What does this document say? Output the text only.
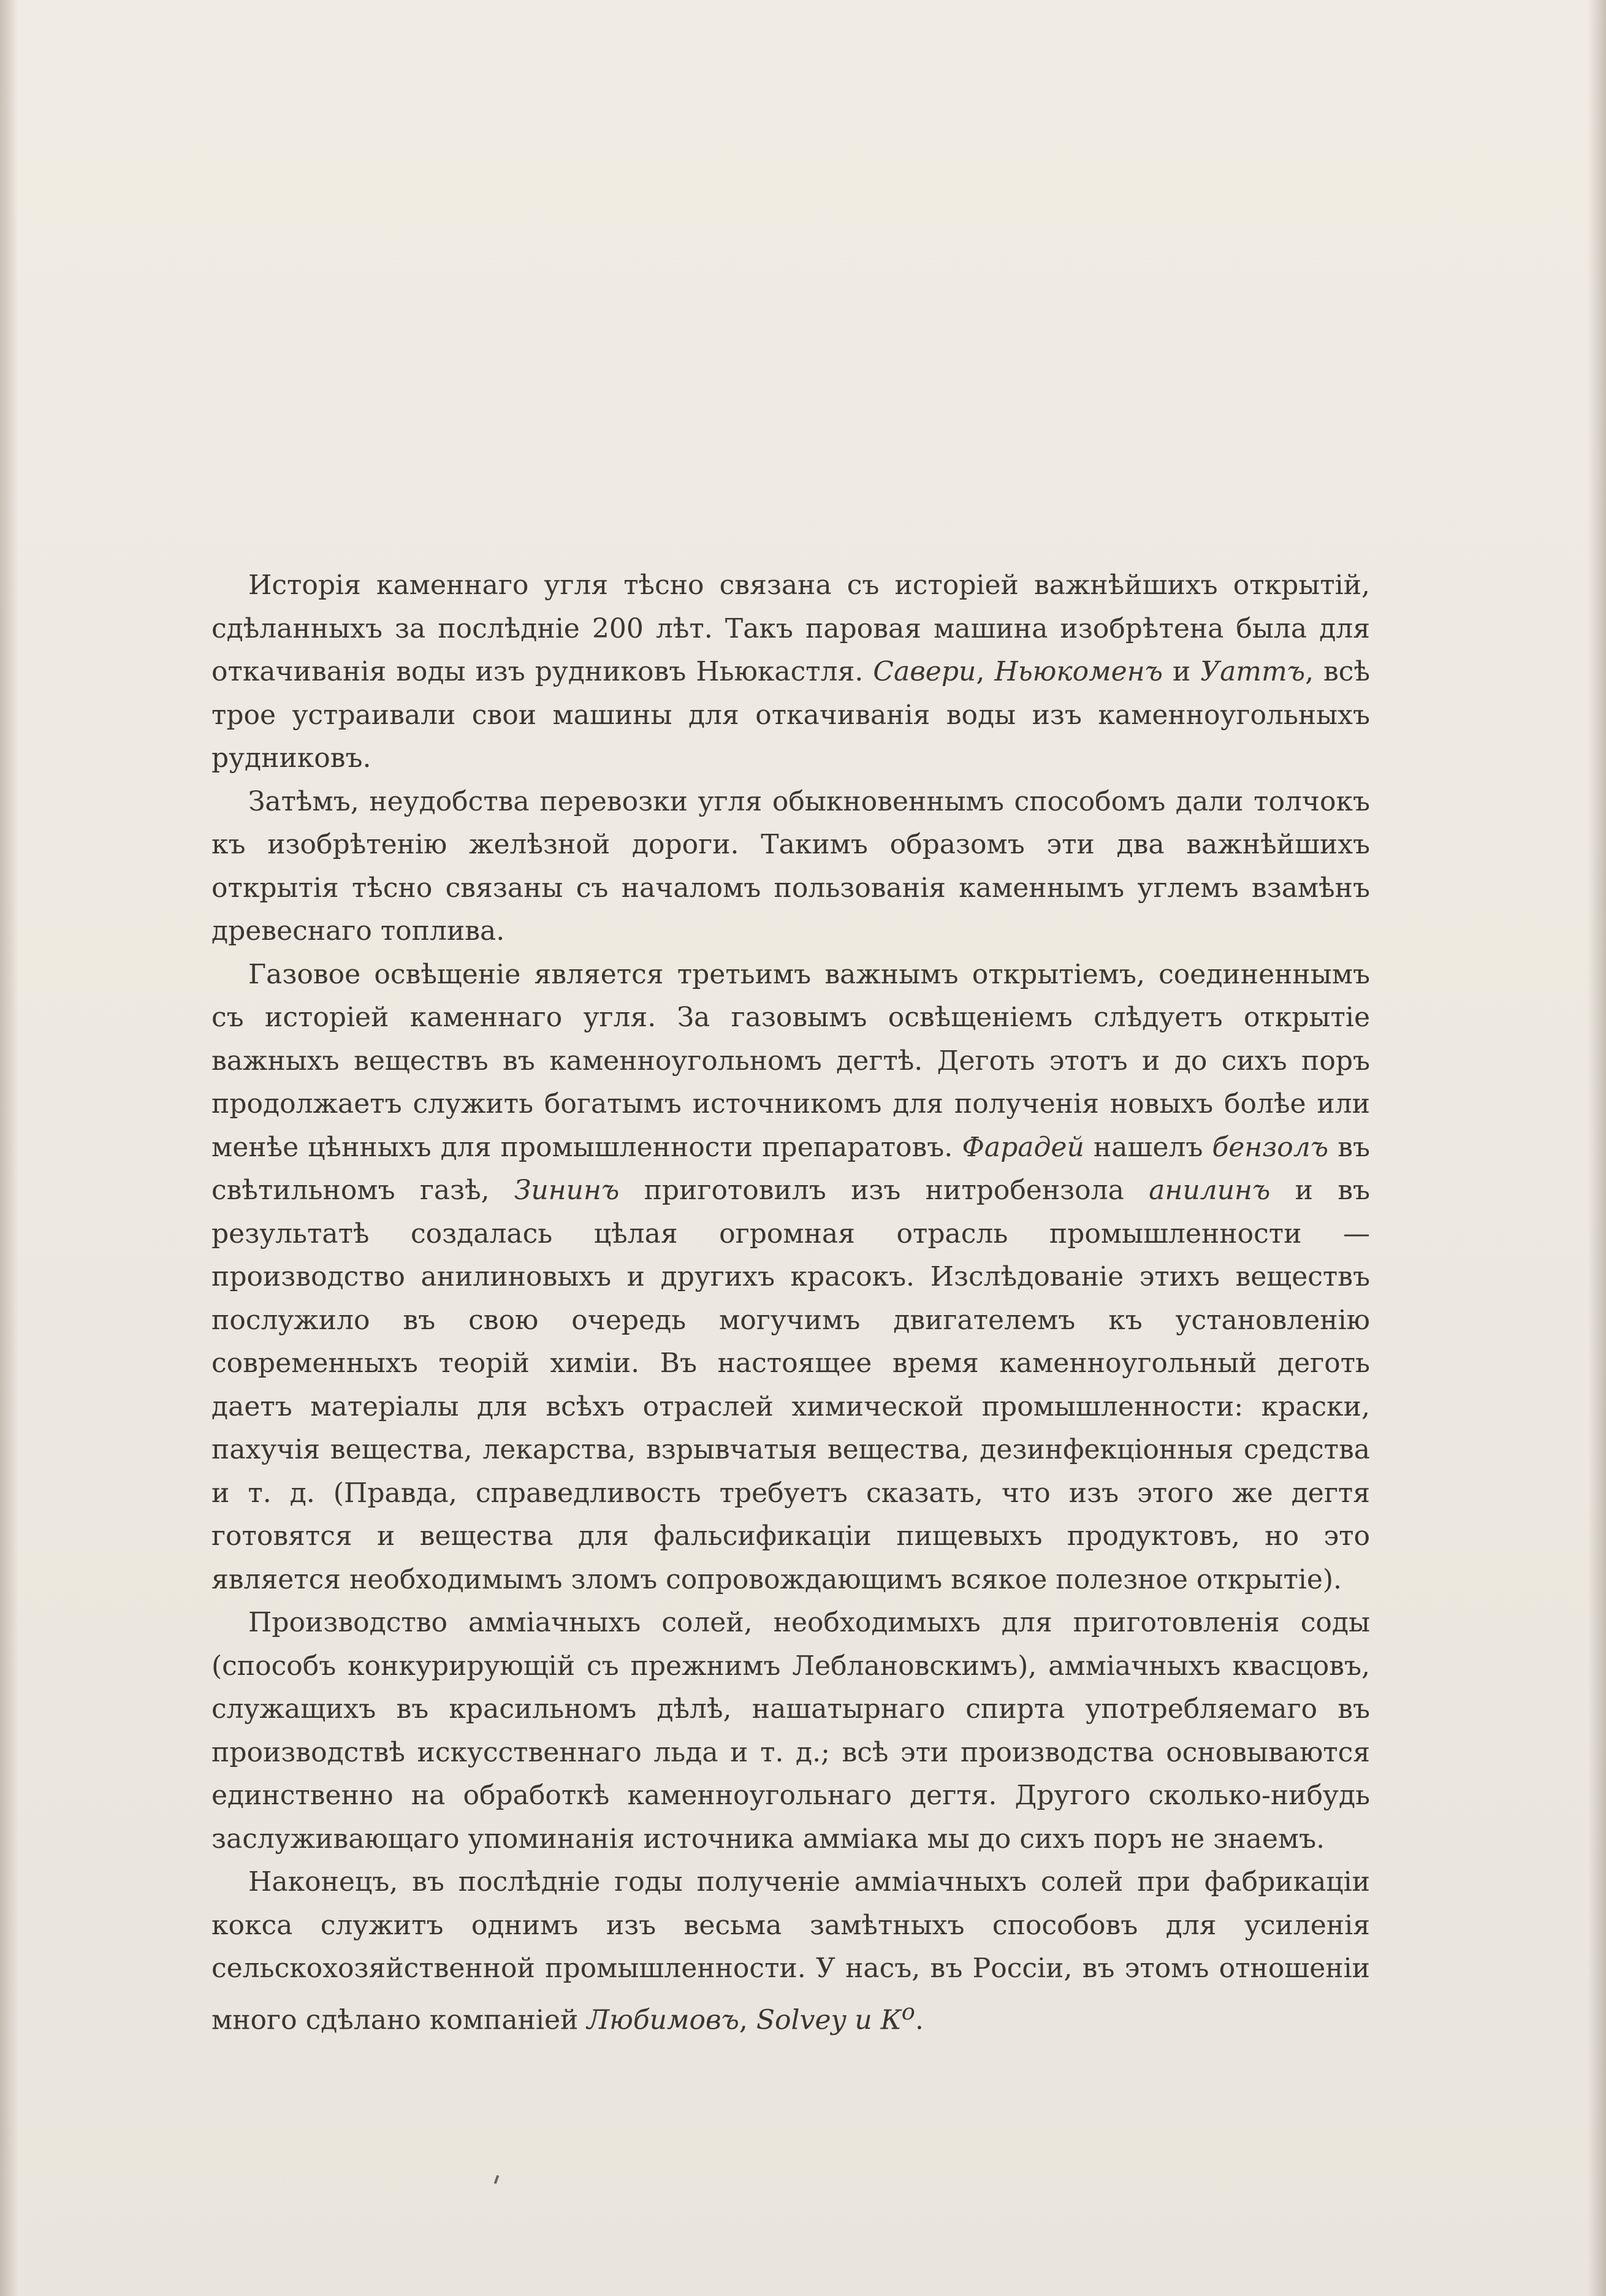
Исторія каменнаго угля тѣсно связана съ исторіей важнѣйшихъ открытій, сдѣланныхъ за послѣдніе 200 лѣт. Такъ паровая машина изобрѣтена была для откачиванія воды изъ рудниковъ Ньюкастля. Савери, Ньюкоменъ и Уаттъ, всѣ трое устраивали свои машины для откачиванія воды изъ каменноугольныхъ рудниковъ.

Затѣмъ, неудобства перевозки угля обыкновеннымъ способомъ дали толчокъ къ изобрѣтенію желѣзной дороги. Такимъ образомъ эти два важнѣйшихъ открытія тѣсно связаны съ началомъ пользованія каменнымъ углемъ взамѣнъ древеснаго топлива.

Газовое освѣщеніе является третьимъ важнымъ открытіемъ, соединеннымъ съ исторіей каменнаго угля. За газовымъ освѣщеніемъ слѣдуетъ открытіе важныхъ веществъ въ каменноугольномъ дегтѣ. Деготь этотъ и до сихъ поръ продолжаетъ служить богатымъ источникомъ для полученія новыхъ болѣе или менѣе цѣнныхъ для промышленности препаратовъ. Фарадей нашелъ бензолъ въ свѣтильномъ газѣ, Зининъ приготовилъ изъ нитробензола анилинъ и въ результатѣ создалась цѣлая огромная отрасль промышленности — производство анилиновыхъ и другихъ красокъ. Изслѣдованіе этихъ веществъ послужило въ свою очередь могучимъ двигателемъ къ установленію современныхъ теорій химіи. Въ настоящее время каменноугольный деготь даетъ матеріалы для всѣхъ отраслей химической промышленности: краски, пахучія вещества, лекарства, взрывчатыя вещества, дезинфекціонныя средства и т. д. (Правда, справедливость требуетъ сказать, что изъ этого же дегтя готовятся и вещества для фальсификаціи пищевыхъ продуктовъ, но это является необходимымъ зломъ сопровождающимъ всякое полезное открытіе).

Производство амміачныхъ солей, необходимыхъ для приготовленія соды (способъ конкурирующій съ прежнимъ Леблановскимъ), амміачныхъ квасцовъ, служащихъ въ красильномъ дѣлѣ, нашатырнаго спирта употребляемаго въ производствѣ искусственнаго льда и т. д.; всѣ эти производства основываются единственно на обработкѣ каменноугольнаго дегтя. Другого сколько-нибудь заслуживающаго упоминанія источника амміака мы до сихъ поръ не знаемъ.

Наконецъ, въ послѣдніе годы полученіе амміачныхъ солей при фабрикаціи кокса служитъ однимъ изъ весьма замѣтныхъ способовъ для усиленія сельскохозяйственной промышленности. У насъ, въ Россіи, въ этомъ отношеніи много сдѣлано компаніей Любимовъ, Solvey и $К^о$.
